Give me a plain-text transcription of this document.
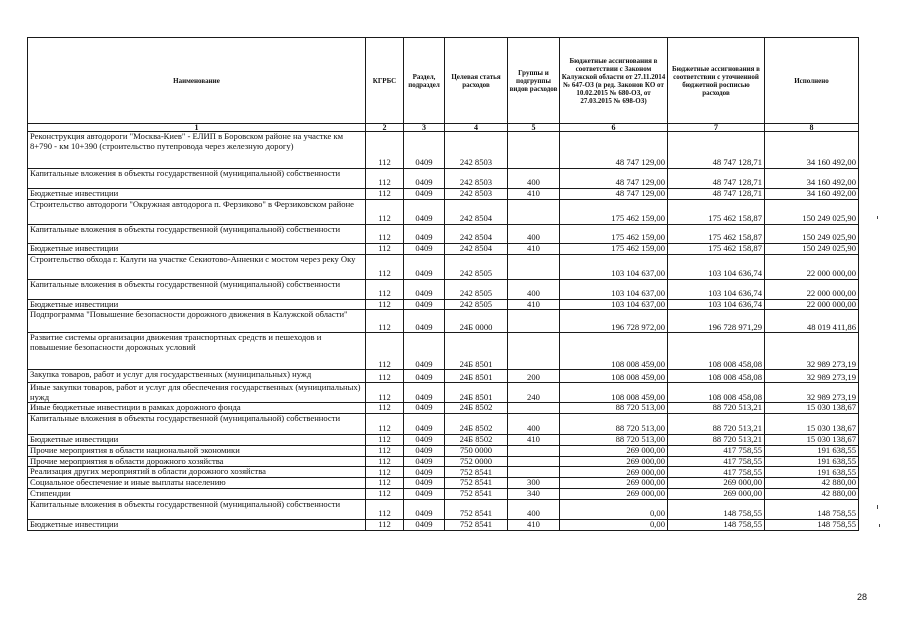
Наименование	КГРБС	Раздел, подраздел	Целевая статья расходов	Группы и подгруппы видов расходов	Бюджетные ассигнования в соответствии с Законом Калужской области от 27.11.2014 № 647-ОЗ (в ред. Законов КО от 10.02.2015 № 680-ОЗ, от 27.03.2015 № 698-ОЗ)	Бюджетные ассигнования в соответствии с уточненной бюджетной росписью расходов	Исполнено
1	2	3	4	5	6	7	8
Реконструкция автодороги "Москва-Киев" - ЕЛИП в Боровском районе на участке км 8+790 - км 10+390 (строительство путепровода через железную дорогу)	112	0409	242 8503		48 747 129,00	48 747 128,71	34 160 492,00
Капитальные вложения в объекты государственной (муниципальной) собственности	112	0409	242 8503	400	48 747 129,00	48 747 128,71	34 160 492,00
Бюджетные инвестиции	112	0409	242 8503	410	48 747 129,00	48 747 128,71	34 160 492,00
Строительство автодороги "Окружная автодорога п. Ферзиково" в Ферзиковском районе	112	0409	242 8504		175 462 159,00	175 462 158,87	150 249 025,90
Капитальные вложения в объекты государственной (муниципальной) собственности	112	0409	242 8504	400	175 462 159,00	175 462 158,87	150 249 025,90
Бюджетные инвестиции	112	0409	242 8504	410	175 462 159,00	175 462 158,87	150 249 025,90
Строительство обхода г. Калуги на участке Секиотово-Анненки с мостом через реку Оку	112	0409	242 8505		103 104 637,00	103 104 636,74	22 000 000,00
Капитальные вложения в объекты государственной (муниципальной) собственности	112	0409	242 8505	400	103 104 637,00	103 104 636,74	22 000 000,00
Бюджетные инвестиции	112	0409	242 8505	410	103 104 637,00	103 104 636,74	22 000 000,00
Подпрограмма "Повышение безопасности дорожного движения в Калужской области"	112	0409	24Б 0000		196 728 972,00	196 728 971,29	48 019 411,86
Развитие системы организации движения транспортных средств и пешеходов и повышение безопасности дорожных условий	112	0409	24Б 8501		108 008 459,00	108 008 458,08	32 989 273,19
Закупка товаров, работ и услуг для государственных (муниципальных) нужд	112	0409	24Б 8501	200	108 008 459,00	108 008 458,08	32 989 273,19
Иные закупки товаров, работ и услуг для обеспечения государственных (муниципальных) нужд	112	0409	24Б 8501	240	108 008 459,00	108 008 458,08	32 989 273,19
Иные бюджетные инвестиции в рамках дорожного фонда	112	0409	24Б 8502		88 720 513,00	88 720 513,21	15 030 138,67
Капитальные вложения в объекты государственной (муниципальной) собственности	112	0409	24Б 8502	400	88 720 513,00	88 720 513,21	15 030 138,67
Бюджетные инвестиции	112	0409	24Б 8502	410	88 720 513,00	88 720 513,21	15 030 138,67
Прочие мероприятия в области национальной экономики	112	0409	750 0000		269 000,00	417 758,55	191 638,55
Прочие мероприятия в области дорожного хозяйства	112	0409	752 0000		269 000,00	417 758,55	191 638,55
Реализация других мероприятий в области дорожного хозяйства	112	0409	752 8541		269 000,00	417 758,55	191 638,55
Социальное обеспечение и иные выплаты населению	112	0409	752 8541	300	269 000,00	269 000,00	42 880,00
Стипендии	112	0409	752 8541	340	269 000,00	269 000,00	42 880,00
Капитальные вложения в объекты государственной (муниципальной) собственности	112	0409	752 8541	400	0,00	148 758,55	148 758,55
Бюджетные инвестиции	112	0409	752 8541	410	0,00	148 758,55	148 758,55
28
